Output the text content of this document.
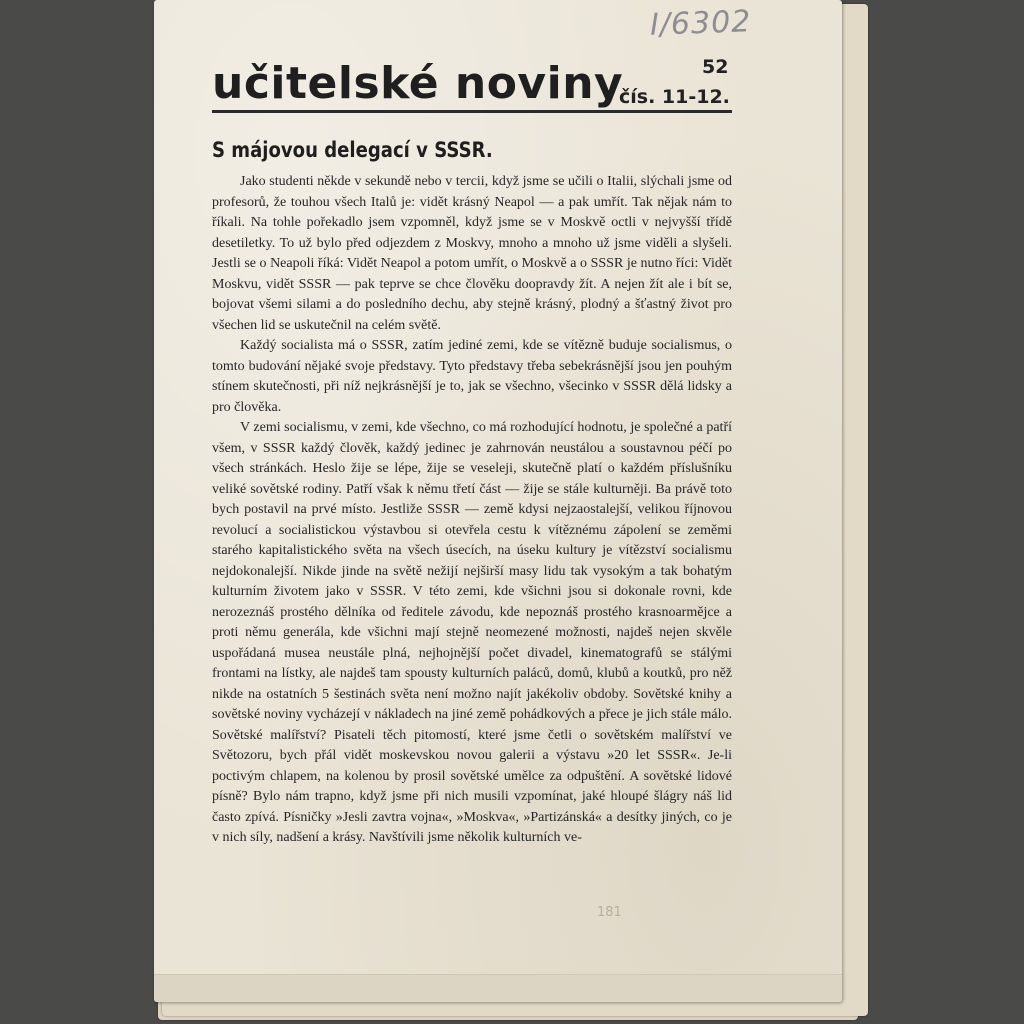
I/6302
učitelské noviny	52
čís. 11-12.
S májovou delegací v SSSR.

Jako studenti někde v sekundě nebo v tercii, když jsme se učili o Italii, slýchali jsme od profesorů, že touhou všech Italů je: vidět krásný Neapol — a pak umřít. Tak nějak nám to říkali. Na tohle pořekadlo jsem vzpomněl, když jsme se v Moskvě octli v nejvyšší třídě desetiletky. To už bylo před odjezdem z Moskvy, mnoho a mnoho už jsme viděli a slyšeli. Jestli se o Neapoli říká: Vidět Neapol a potom umřít, o Moskvě a o SSSR je nutno říci: Vidět Moskvu, vidět SSSR — pak teprve se chce člověku doopravdy žít. A nejen žít ale i bít se, bojovat všemi silami a do posledního dechu, aby stejně krásný, plodný a šťastný život pro všechen lid se uskutečnil na celém světě.

Každý socialista má o SSSR, zatím jediné zemi, kde se vítězně buduje socialismus, o tomto budování nějaké svoje představy. Tyto představy třeba sebekrásnější jsou jen pouhým stínem skutečnosti, při níž nejkrásnější je to, jak se všechno, všecinko v SSSR dělá lidsky a pro člověka.

V zemi socialismu, v zemi, kde všechno, co má rozhodující hodnotu, je společné a patří všem, v SSSR každý člověk, každý jedinec je zahrnován neustálou a soustavnou péčí po všech stránkách. Heslo žije se lépe, žije se veseleji, skutečně platí o každém příslušníku veliké sovětské rodiny. Patří však k němu třetí část — žije se stále kulturněji. Ba právě toto bych postavil na prvé místo. Jestliže SSSR — země kdysi nejzaostalejší, velikou říjnovou revolucí a socialistickou výstavbou si otevřela cestu k vítěznému zápolení se zeměmi starého kapitalistického světa na všech úsecích, na úseku kultury je vítězství socialismu nejdokonalejší. Nikde jinde na světě nežijí nejširší masy lidu tak vysokým a tak bohatým kulturním životem jako v SSSR. V této zemi, kde všichni jsou si dokonale rovni, kde nerozeznáš prostého dělníka od ředitele závodu, kde nepoznáš prostého krasnoarmějce a proti němu generála, kde všichni mají stejně neomezené možnosti, najdeš nejen skvěle uspořádaná musea neustále plná, nejhojnější počet divadel, kinematografů se stálými frontami na lístky, ale najdeš tam spousty kulturních paláců, domů, klubů a koutků, pro něž nikde na ostatních 5 šestinách světa není možno najít jakékoliv obdoby. Sovětské knihy a sovětské noviny vycházejí v nákladech na jiné země pohádkových a přece je jich stále málo. Sovětské malířství? Pisateli těch pitomostí, které jsme četli o sovětském malířství ve Světozoru, bych přál vidět moskevskou novou galerii a výstavu »20 let SSSR«. Je-li poctivým chlapem, na kolenou by prosil sovětské umělce za odpuštění. A sovětské lidové písně? Bylo nám trapno, když jsme při nich musili vzpomínat, jaké hloupé šlágry náš lid často zpívá. Písničky »Jesli zavtra vojna«, »Moskva«, »Partizánská« a desítky jiných, co je v nich síly, nadšení a krásy. Navštívili jsme několik kulturních ve-

181
